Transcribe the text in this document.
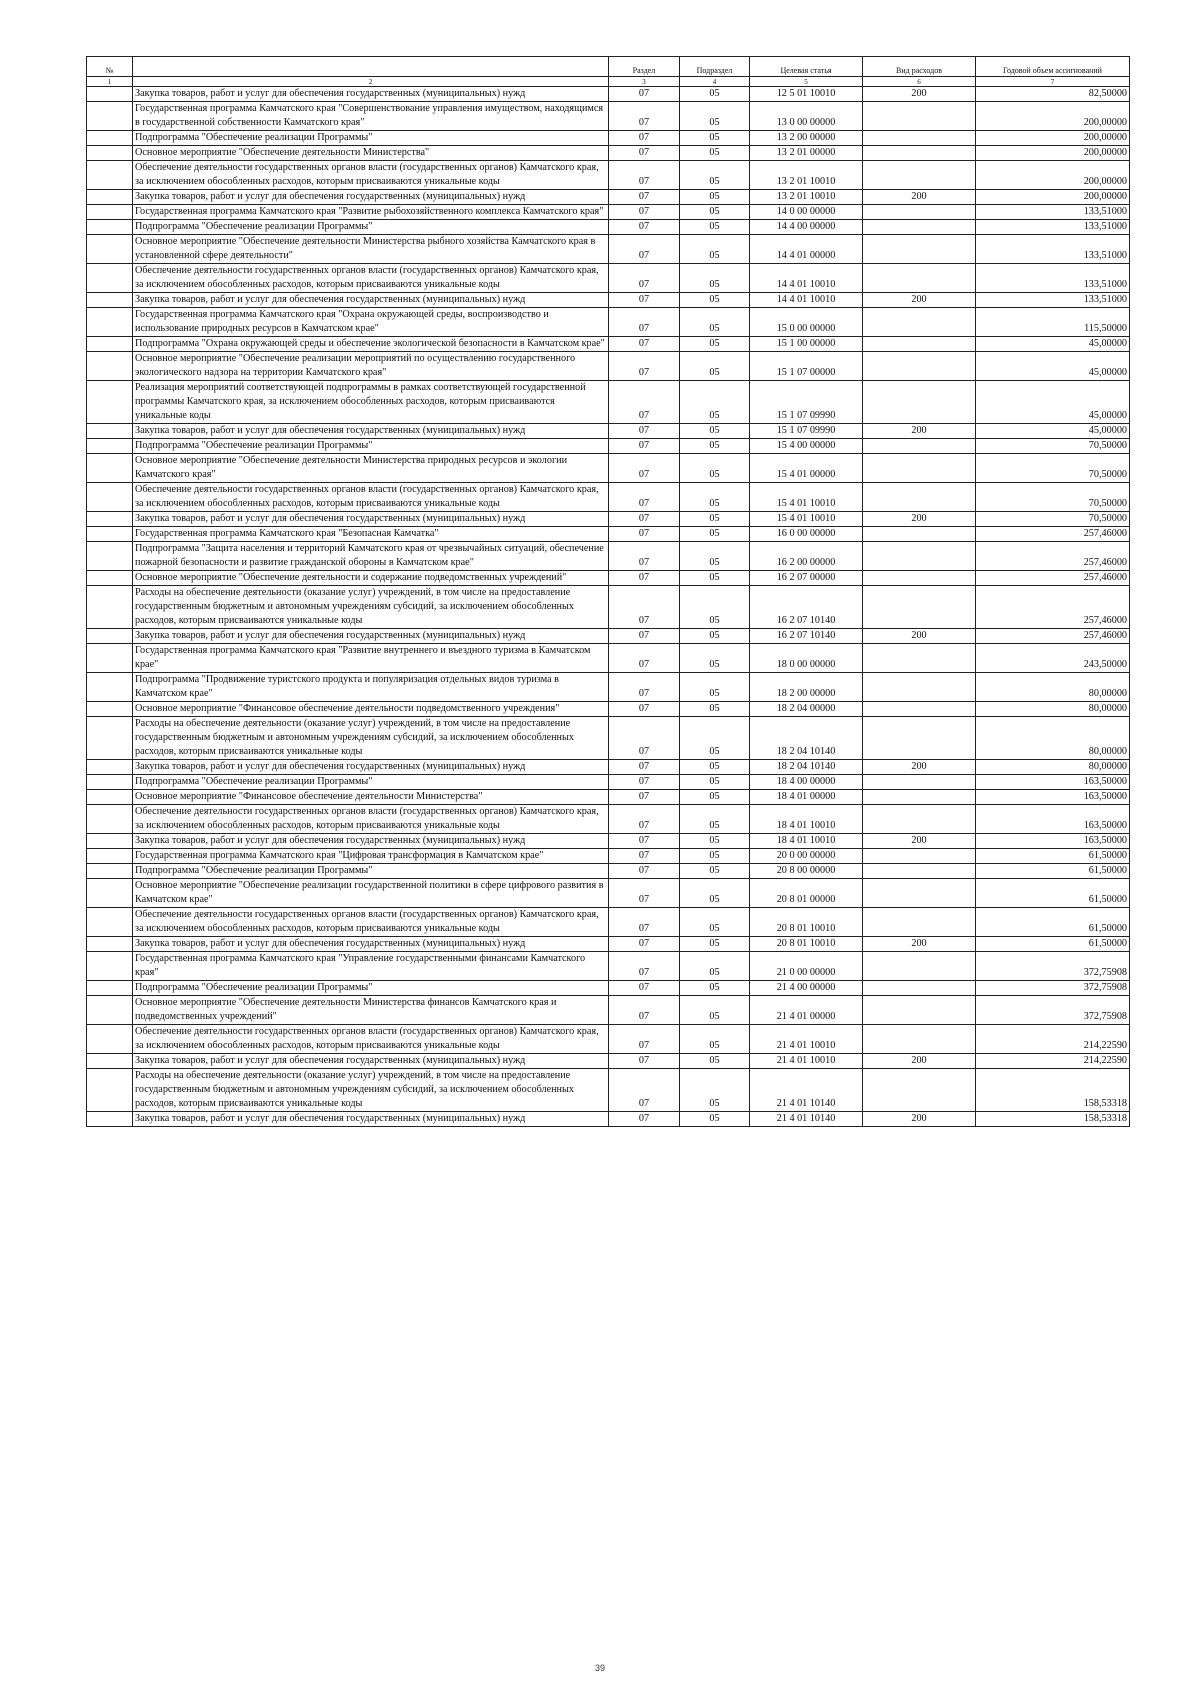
№		Раздел	Подраздел	Целевая статья	Вид расходов	Годовой объем ассигнований
1	2	3	4	5	6	7
	Закупка товаров, работ и услуг для обеспечения государственных (муниципальных) нужд	07	05	12 5 01 10010	200	82,50000
	Государственная программа Камчатского края "Совершенствование управления имуществом, находящимся в государственной собственности Камчатского края"	07	05	13 0 00 00000		200,00000
	Подпрограмма "Обеспечение реализации Программы"	07	05	13 2 00 00000		200,00000
	Основное мероприятие "Обеспечение деятельности Министерства"	07	05	13 2 01 00000		200,00000
	Обеспечение деятельности государственных органов власти (государственных органов) Камчатского края, за исключением обособленных расходов, которым присваиваются уникальные коды	07	05	13 2 01 10010		200,00000
	Закупка товаров, работ и услуг для обеспечения государственных (муниципальных) нужд	07	05	13 2 01 10010	200	200,00000
	Государственная программа Камчатского края "Развитие рыбохозяйственного комплекса Камчатского края"	07	05	14 0 00 00000		133,51000
	Подпрограмма "Обеспечение реализации Программы"	07	05	14 4 00 00000		133,51000
	Основное мероприятие "Обеспечение деятельности Министерства рыбного хозяйства Камчатского края в установленной сфере деятельности"	07	05	14 4 01 00000		133,51000
	Обеспечение деятельности государственных органов власти (государственных органов) Камчатского края, за исключением обособленных расходов, которым присваиваются уникальные коды	07	05	14 4 01 10010		133,51000
	Закупка товаров, работ и услуг для обеспечения государственных (муниципальных) нужд	07	05	14 4 01 10010	200	133,51000
	Государственная программа Камчатского края "Охрана окружающей среды, воспроизводство и использование природных ресурсов в Камчатском крае"	07	05	15 0 00 00000		115,50000
	Подпрограмма "Охрана окружающей среды и обеспечение экологической безопасности в Камчатском крае"	07	05	15 1 00 00000		45,00000
	Основное мероприятие "Обеспечение реализации мероприятий по осуществлению государственного экологического надзора на территории Камчатского края"	07	05	15 1 07 00000		45,00000
	Реализация мероприятий соответствующей подпрограммы в рамках соответствующей государственной программы Камчатского края, за исключением обособленных расходов, которым присваиваются уникальные коды	07	05	15 1 07 09990		45,00000
	Закупка товаров, работ и услуг для обеспечения государственных (муниципальных) нужд	07	05	15 1 07 09990	200	45,00000
	Подпрограмма "Обеспечение реализации Программы"	07	05	15 4 00 00000		70,50000
	Основное мероприятие "Обеспечение деятельности Министерства природных ресурсов и экологии Камчатского края"	07	05	15 4 01 00000		70,50000
	Обеспечение деятельности государственных органов власти (государственных органов) Камчатского края, за исключением обособленных расходов, которым присваиваются уникальные коды	07	05	15 4 01 10010		70,50000
	Закупка товаров, работ и услуг для обеспечения государственных (муниципальных) нужд	07	05	15 4 01 10010	200	70,50000
	Государственная программа Камчатского края "Безопасная Камчатка"	07	05	16 0 00 00000		257,46000
	Подпрограмма "Защита населения и территорий Камчатского края от чрезвычайных ситуаций, обеспечение пожарной безопасности и развитие гражданской обороны в Камчатском крае"	07	05	16 2 00 00000		257,46000
	Основное мероприятие "Обеспечение деятельности и содержание подведомственных учреждений"	07	05	16 2 07 00000		257,46000
	Расходы на обеспечение деятельности (оказание услуг) учреждений, в том числе на предоставление государственным бюджетным и автономным учреждениям субсидий, за исключением обособленных расходов, которым присваиваются уникальные коды	07	05	16 2 07 10140		257,46000
	Закупка товаров, работ и услуг для обеспечения государственных (муниципальных) нужд	07	05	16 2 07 10140	200	257,46000
	Государственная программа Камчатского края "Развитие внутреннего и въездного туризма в Камчатском крае"	07	05	18 0 00 00000		243,50000
	Подпрограмма "Продвижение туристского продукта и популяризация отдельных видов туризма в Камчатском крае"	07	05	18 2 00 00000		80,00000
	Основное мероприятие "Финансовое обеспечение деятельности подведомственного учреждения"	07	05	18 2 04 00000		80,00000
	Расходы на обеспечение деятельности (оказание услуг) учреждений, в том числе на предоставление государственным бюджетным и автономным учреждениям субсидий, за исключением обособленных расходов, которым присваиваются уникальные коды	07	05	18 2 04 10140		80,00000
	Закупка товаров, работ и услуг для обеспечения государственных (муниципальных) нужд	07	05	18 2 04 10140	200	80,00000
	Подпрограмма "Обеспечение реализации Программы"	07	05	18 4 00 00000		163,50000
	Основное мероприятие "Финансовое обеспечение деятельности Министерства"	07	05	18 4 01 00000		163,50000
	Обеспечение деятельности государственных органов власти (государственных органов) Камчатского края, за исключением обособленных расходов, которым присваиваются уникальные коды	07	05	18 4 01 10010		163,50000
	Закупка товаров, работ и услуг для обеспечения государственных (муниципальных) нужд	07	05	18 4 01 10010	200	163,50000
	Государственная программа Камчатского края "Цифровая трансформация в Камчатском крае"	07	05	20 0 00 00000		61,50000
	Подпрограмма "Обеспечение реализации Программы"	07	05	20 8 00 00000		61,50000
	Основное мероприятие "Обеспечение реализации государственной политики в сфере цифрового развития в Камчатском крае"	07	05	20 8 01 00000		61,50000
	Обеспечение деятельности государственных органов власти (государственных органов) Камчатского края, за исключением обособленных расходов, которым присваиваются уникальные коды	07	05	20 8 01 10010		61,50000
	Закупка товаров, работ и услуг для обеспечения государственных (муниципальных) нужд	07	05	20 8 01 10010	200	61,50000
	Государственная программа Камчатского края "Управление государственными финансами Камчатского края"	07	05	21 0 00 00000		372,75908
	Подпрограмма "Обеспечение реализации Программы"	07	05	21 4 00 00000		372,75908
	Основное мероприятие "Обеспечение деятельности Министерства финансов Камчатского края и подведомственных учреждений"	07	05	21 4 01 00000		372,75908
	Обеспечение деятельности государственных органов власти (государственных органов) Камчатского края, за исключением обособленных расходов, которым присваиваются уникальные коды	07	05	21 4 01 10010		214,22590
	Закупка товаров, работ и услуг для обеспечения государственных (муниципальных) нужд	07	05	21 4 01 10010	200	214,22590
	Расходы на обеспечение деятельности (оказание услуг) учреждений, в том числе на предоставление государственным бюджетным и автономным учреждениям субсидий, за исключением обособленных расходов, которым присваиваются уникальные коды	07	05	21 4 01 10140		158,53318
	Закупка товаров, работ и услуг для обеспечения государственных (муниципальных) нужд	07	05	21 4 01 10140	200	158,53318
39
